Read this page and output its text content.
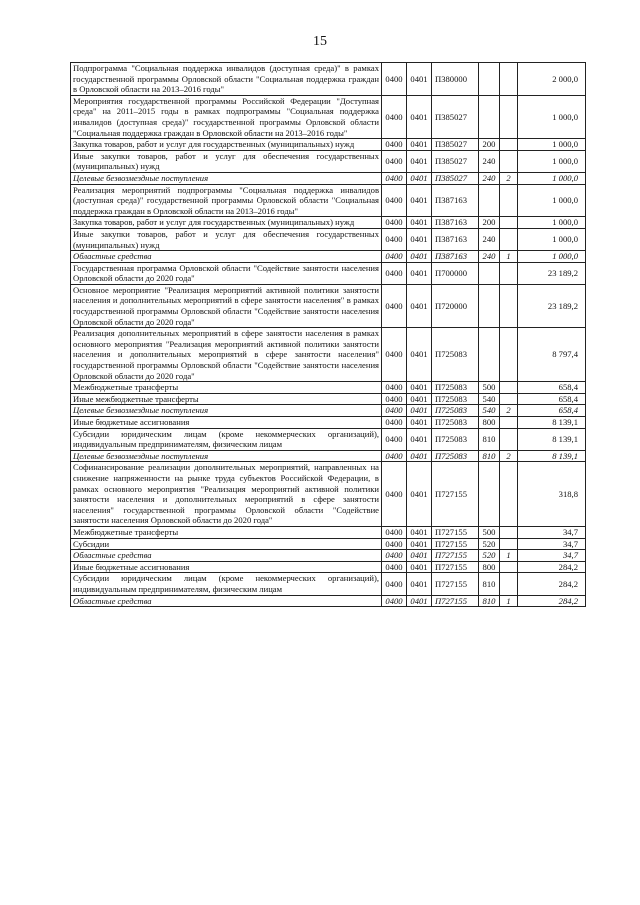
15
Подпрограмма "Социальная поддержка инвалидов (доступная среда)" в рамках государственной программы Орловской области "Социальная поддержка граждан в Орловской области на 2013–2016 годы"	0400	0401	П380000			2 000,0
Мероприятия государственной программы Российской Федерации "Доступная среда" на 2011–2015 годы в рамках подпрограммы "Социальная поддержка инвалидов (доступная среда)" государственной программы Орловской области "Социальная поддержка граждан в Орловской области на 2013–2016 годы"	0400	0401	П385027			1 000,0
Закупка товаров, работ и услуг для государственных (муниципальных) нужд	0400	0401	П385027	200		1 000,0
Иные закупки товаров, работ и услуг для обеспечения государственных (муниципальных) нужд	0400	0401	П385027	240		1 000,0
Целевые безвозмездные поступления	0400	0401	П385027	240	2	1 000,0
Реализация мероприятий подпрограммы "Социальная поддержка инвалидов (доступная среда)" государственной программы Орловской области "Социальная поддержка граждан в Орловской области на 2013–2016 годы"	0400	0401	П387163			1 000,0
Закупка товаров, работ и услуг для государственных (муниципальных) нужд	0400	0401	П387163	200		1 000,0
Иные закупки товаров, работ и услуг для обеспечения государственных (муниципальных) нужд	0400	0401	П387163	240		1 000,0
Областные средства	0400	0401	П387163	240	1	1 000,0
Государственная программа Орловской области "Содействие занятости населения Орловской области до 2020 года"	0400	0401	П700000			23 189,2
Основное мероприятие "Реализация мероприятий активной политики занятости населения и дополнительных мероприятий в сфере занятости населения" в рамках государственной программы Орловской области "Содействие занятости населения Орловской области до 2020 года"	0400	0401	П720000			23 189,2
Реализация дополнительных мероприятий в сфере занятости населения в рамках основного мероприятия "Реализация мероприятий активной политики занятости населения и дополнительных мероприятий в сфере занятости населения" государственной программы Орловской области "Содействие занятости населения Орловской области до 2020 года"	0400	0401	П725083			8 797,4
Межбюджетные трансферты	0400	0401	П725083	500		658,4
Иные межбюджетные трансферты	0400	0401	П725083	540		658,4
Целевые безвозмездные поступления	0400	0401	П725083	540	2	658,4
Иные бюджетные ассигнования	0400	0401	П725083	800		8 139,1
Субсидии юридическим лицам (кроме некоммерческих организаций), индивидуальным предпринимателям, физическим лицам	0400	0401	П725083	810		8 139,1
Целевые безвозмездные поступления	0400	0401	П725083	810	2	8 139,1
Софинансирование реализации дополнительных мероприятий, направленных на снижение напряженности на рынке труда субъектов Российской Федерации, в рамках основного мероприятия "Реализация мероприятий активной политики занятости населения и дополнительных мероприятий в сфере занятости населения" государственной программы Орловской области "Содействие занятости населения Орловской области до 2020 года"	0400	0401	П727155			318,8
Межбюджетные трансферты	0400	0401	П727155	500		34,7
Субсидии	0400	0401	П727155	520		34,7
Областные средства	0400	0401	П727155	520	1	34,7
Иные бюджетные ассигнования	0400	0401	П727155	800		284,2
Субсидии юридическим лицам (кроме некоммерческих организаций), индивидуальным предпринимателям, физическим лицам	0400	0401	П727155	810		284,2
Областные средства	0400	0401	П727155	810	1	284,2
